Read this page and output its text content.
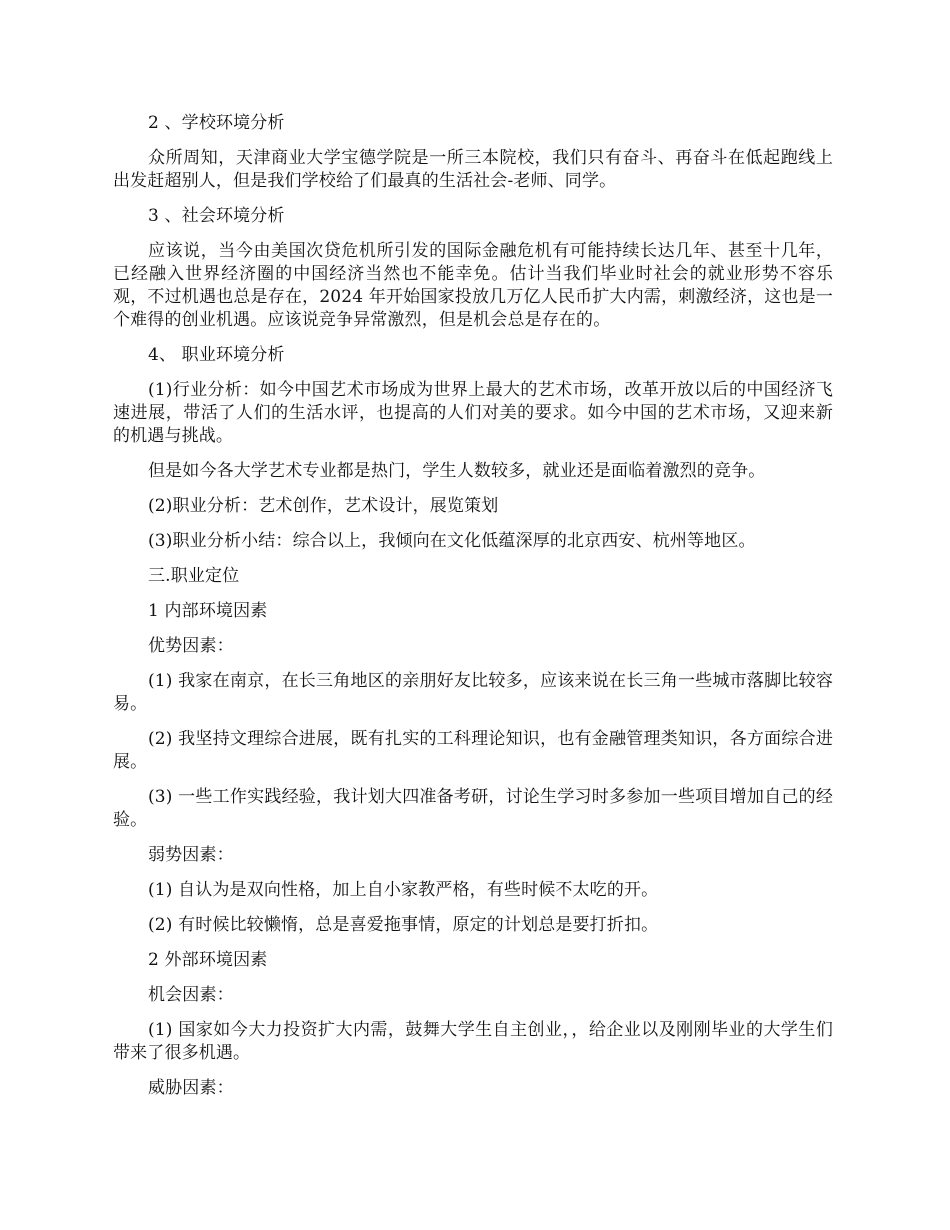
2 、学校环境分析

众所周知，天津商业大学宝德学院是一所三本院校，我们只有奋斗、再奋斗在低起跑线上出发赶超别人，但是我们学校给了们最真的生活社会-老师、同学。

3 、社会环境分析

应该说，当今由美国次贷危机所引发的国际金融危机有可能持续长达几年、甚至十几年，已经融入世界经济圈的中国经济当然也不能幸免。估计当我们毕业时社会的就业形势不容乐观，不过机遇也总是存在，2024 年开始国家投放几万亿人民币扩大内需，刺激经济，这也是一个难得的创业机遇。应该说竞争异常激烈，但是机会总是存在的。

4、 职业环境分析

(1)行业分析：如今中国艺术市场成为世界上最大的艺术市场，改革开放以后的中国经济飞速进展，带活了人们的生活水评，也提高的人们对美的要求。如今中国的艺术市场，又迎来新的机遇与挑战。

但是如今各大学艺术专业都是热门，学生人数较多，就业还是面临着激烈的竞争。

(2)职业分析：艺术创作，艺术设计，展览策划

(3)职业分析小结：综合以上，我倾向在文化低蕴深厚的北京西安、杭州等地区。

三.职业定位

1 内部环境因素

优势因素：

(1) 我家在南京，在长三角地区的亲朋好友比较多，应该来说在长三角一些城市落脚比较容易。

(2) 我坚持文理综合进展，既有扎实的工科理论知识，也有金融管理类知识，各方面综合进展。

(3) 一些工作实践经验，我计划大四准备考研，讨论生学习时多参加一些项目增加自己的经验。

弱势因素：

(1) 自认为是双向性格，加上自小家教严格，有些时候不太吃的开。

(2) 有时候比较懒惰，总是喜爱拖事情，原定的计划总是要打折扣。

2 外部环境因素

机会因素：

(1) 国家如今大力投资扩大内需，鼓舞大学生自主创业，，给企业以及刚刚毕业的大学生们带来了很多机遇。

威胁因素：
